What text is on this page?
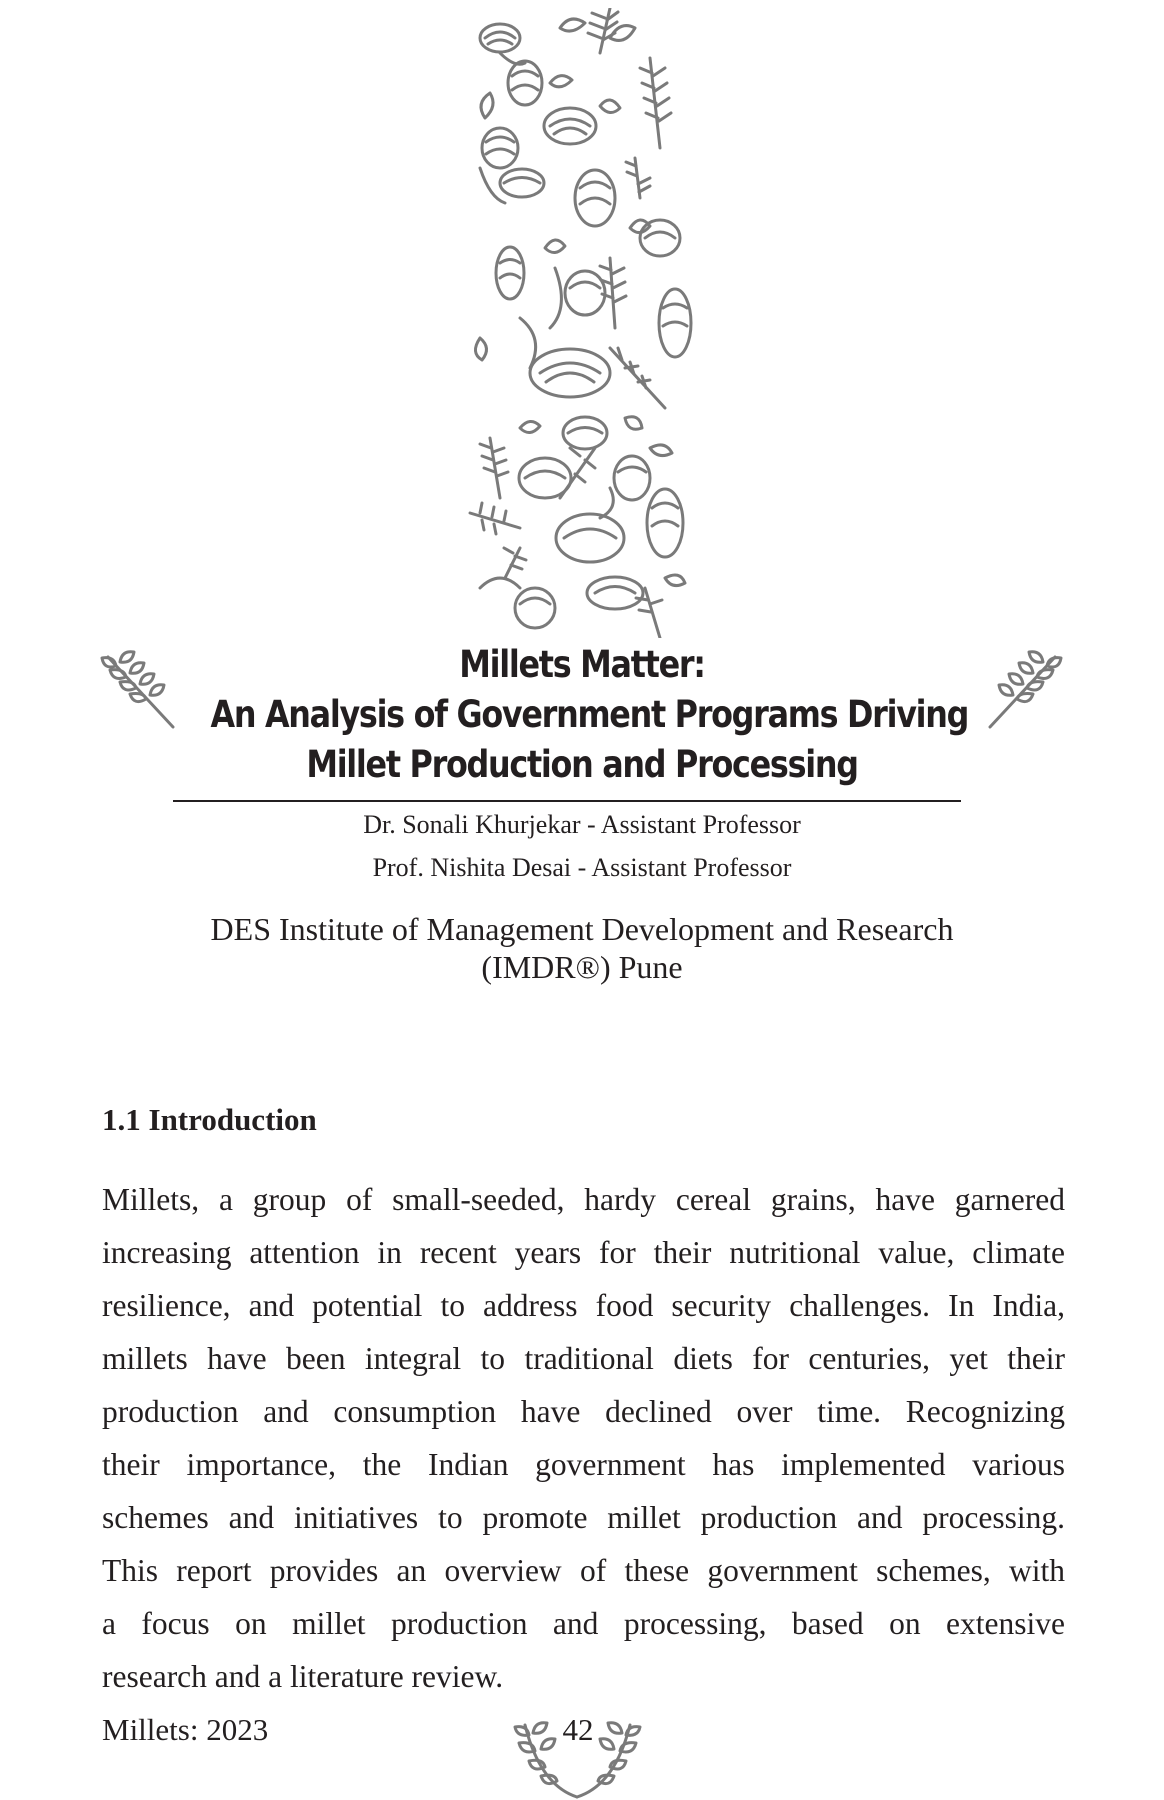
Millets Matter:
An Analysis of Government Programs Driving
Millet Production and Processing
Dr. Sonali Khurjekar - Assistant Professor
Prof. Nishita Desai - Assistant Professor
DES Institute of Management Development and Research (IMDR®) Pune
1.1 Introduction

Millets, a group of small-seeded, hardy cereal grains, have garnered
increasing attention in recent years for their nutritional value, climate
resilience, and potential to address food security challenges. In India,
millets have been integral to traditional diets for centuries, yet their
production and consumption have declined over time. Recognizing
their importance, the Indian government has implemented various
schemes and initiatives to promote millet production and processing.
This report provides an overview of these government schemes, with
a focus on millet production and processing, based on extensive
research and a literature review.

Millets: 2023	42
